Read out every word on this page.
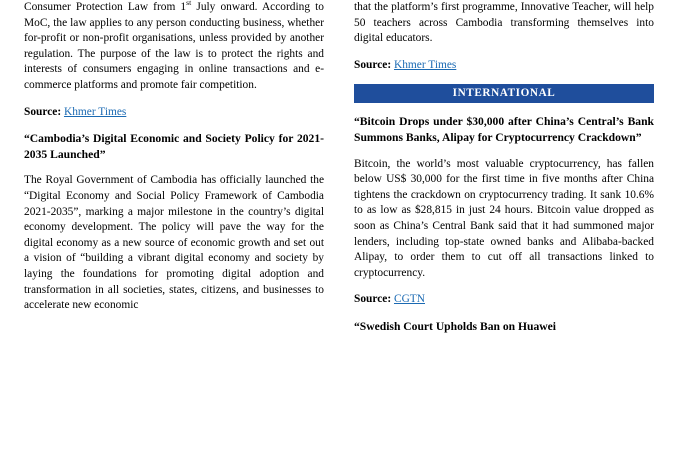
Consumer Protection Law from 1st July onward. According to MoC, the law applies to any person conducting business, whether for-profit or non-profit organisations, unless provided by another regulation. The purpose of the law is to protect the rights and interests of consumers engaging in online transactions and e-commerce platforms and promote fair competition.

Source: Khmer Times

“Cambodia’s Digital Economic and Society Policy for 2021-2035 Launched”

The Royal Government of Cambodia has officially launched the “Digital Economy and Social Policy Framework of Cambodia 2021-2035”, marking a major milestone in the country’s digital economy development. The policy will pave the way for the digital economy as a new source of economic growth and set out a vision of “building a vibrant digital economy and society by laying the foundations for promoting digital adoption and transformation in all societies, states, citizens, and businesses to accelerate new economic

that the platform’s first programme, Innovative Teacher, will help 50 teachers across Cambodia transforming themselves into digital educators.

Source: Khmer Times

INTERNATIONAL

“Bitcoin Drops under $30,000 after China’s Central’s Bank Summons Banks, Alipay for Cryptocurrency Crackdown”

Bitcoin, the world’s most valuable cryptocurrency, has fallen below US$ 30,000 for the first time in five months after China tightens the crackdown on cryptocurrency trading. It sank 10.6% to as low as $28,815 in just 24 hours. Bitcoin value dropped as soon as China’s Central Bank said that it had summoned major lenders, including top-state owned banks and Alibaba-backed Alipay, to order them to cut off all transactions linked to cryptocurrency.

Source: CGTN

“Swedish Court Upholds Ban on Huawei
